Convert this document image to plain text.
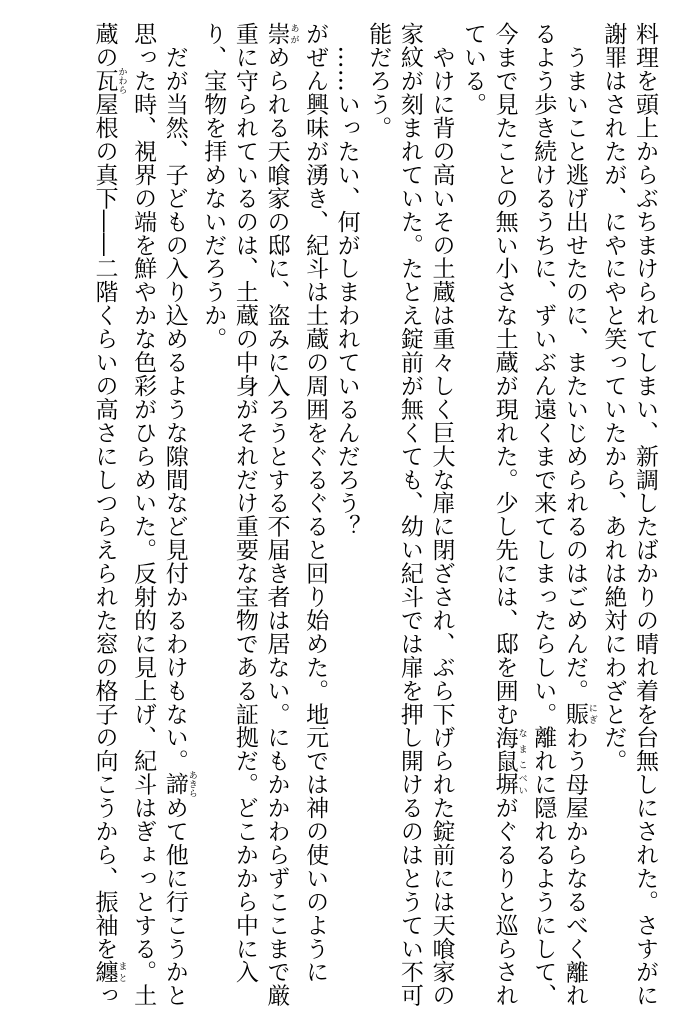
料理を頭上からぶちまけられてしまい、新調したばかりの晴れ着を台無しにされた。さすがに
謝罪はされたが、にやにやと笑っていたから、あれは絶対にわざとだ。
　うまいこと逃げ出せたのに、またいじめられるのはごめんだ。賑 にぎわう母屋からなるべく離れ
るよう歩き続けるうちに、ずいぶん遠くまで来てしまったらしい。離れに隠れるようにして、
今まで見たことの無い小さな土蔵が現れた。少し先には、邸を囲む海鼠 なまこ塀 べいがぐるりと巡らされ
ている。
　やけに背の高いその土蔵は重々しく巨大な扉に閉ざされ、ぶら下げられた錠前には天喰家の
家紋が刻まれていた。たとえ錠前が無くても、幼い紀斗では扉を押し開けるのはとうてい不可
能だろう。
　……いったい、何がしまわれているんだろう？
がぜん興味が湧き、紀斗は土蔵の周囲をぐるぐると回り始めた。地元では神の使いのように
崇 あがめられる天喰家の邸に、盗みに入ろうとする不届き者は居ない。にもかかわらずここまで厳
重に守られているのは、土蔵の中身がそれだけ重要な宝物である証拠だ。どこかから中に入
り、宝物を拝めないだろうか。
　だが当然、子どもの入り込めるような隙間など見付かるわけもない。諦 あきらめて他に行こうかと
思った時、視界の端を鮮やかな色彩がひらめいた。反射的に見上げ、紀斗はぎょっとする。土
蔵の瓦 かわら屋根の真下――二階くらいの高さにしつらえられた窓の格子の向こうから、振袖を纏 まとっ
